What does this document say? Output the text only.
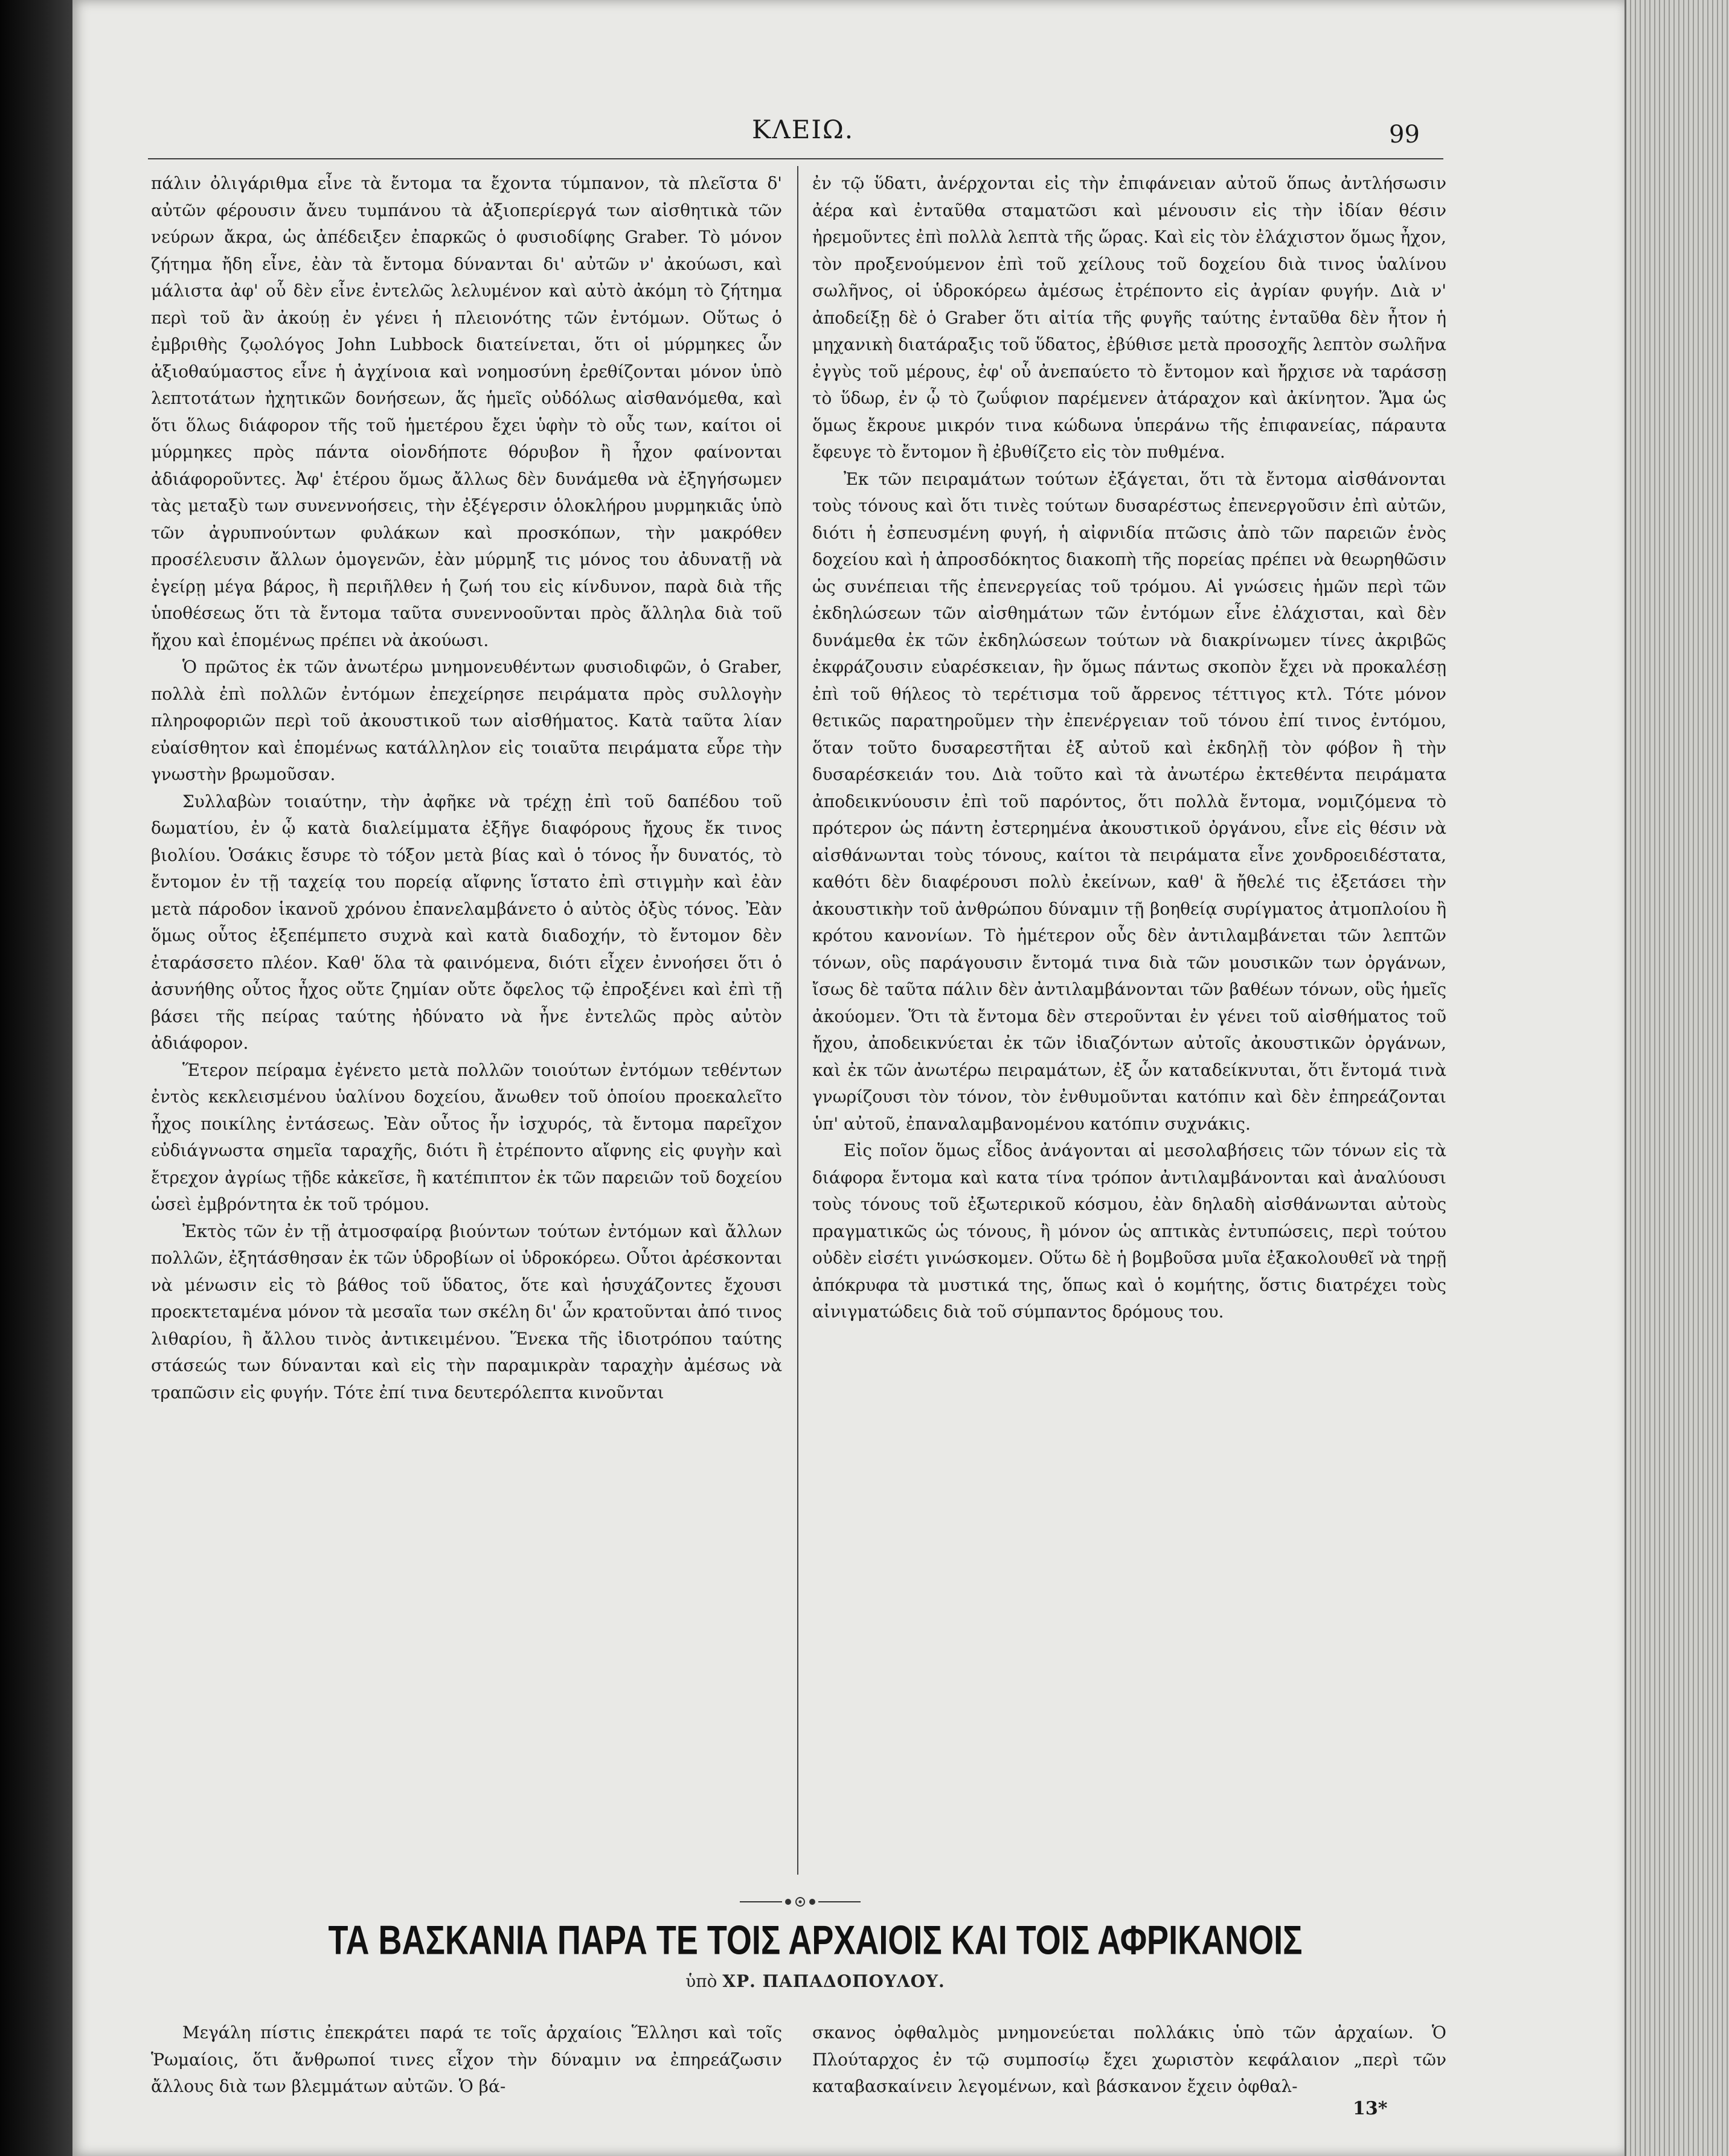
ΚΛΕΙΩ.	99

πάλιν ὀλιγάριθμα εἶνε τὰ ἔντομα τα ἔχοντα τύμπανον, τὰ πλεῖστα δ' αὐτῶν φέρουσιν ἄνευ τυμπάνου τὰ ἀξιοπερίεργά των αἰσθητικὰ τῶν νεύρων ἄκρα, ὡς ἀπέδειξεν ἐπαρκῶς ὁ φυσιοδίφης Graber. Τὸ μόνον ζήτημα ἤδη εἶνε, ἐὰν τὰ ἔντομα δύνανται δι' αὐτῶν ν' ἀκούωσι, καὶ μάλιστα ἀφ' οὗ δὲν εἶνε ἐντελῶς λελυμένον καὶ αὐτὸ ἀκόμη τὸ ζήτημα περὶ τοῦ ἂν ἀκούῃ ἐν γένει ἡ πλειονότης τῶν ἐντόμων. Οὕτως ὁ ἐμβριθὴς ζῳολόγος John Lubbock διατείνεται, ὅτι οἱ μύρμηκες ὧν ἀξιοθαύμαστος εἶνε ἡ ἀγχίνοια καὶ νοημοσύνη ἐρεθίζονται μόνον ὑπὸ λεπτοτάτων ἠχητικῶν δονήσεων, ἅς ἡμεῖς οὐδόλως αἰσθανόμεθα, καὶ ὅτι ὅλως διάφορον τῆς τοῦ ἡμετέρου ἔχει ὑφὴν τὸ οὖς των, καίτοι οἱ μύρμηκες πρὸς πάντα οἱονδήποτε θόρυβον ἢ ἦχον φαίνονται ἀδιάφοροῦντες. Ἀφ' ἑτέρου ὅμως ἄλλως δὲν δυνάμεθα νὰ ἐξηγήσωμεν τὰς μεταξὺ των συνεννοήσεις, τὴν ἐξέγερσιν ὁλοκλήρου μυρμηκιᾶς ὑπὸ τῶν ἀγρυπνούντων φυλάκων καὶ προσκόπων, τὴν μακρόθεν προσέλευσιν ἄλλων ὁμογενῶν, ἐὰν μύρμηξ τις μόνος του ἀδυνατῇ νὰ ἐγείρῃ μέγα βάρος, ἢ περιῆλθεν ἡ ζωή του εἰς κίνδυνον, παρὰ διὰ τῆς ὑποθέσεως ὅτι τὰ ἔντομα ταῦτα συνεννοοῦνται πρὸς ἄλληλα διὰ τοῦ ἤχου καὶ ἑπομένως πρέπει νὰ ἀκούωσι.

Ὁ πρῶτος ἐκ τῶν ἀνωτέρω μνημονευθέντων φυσιοδιφῶν, ὁ Graber, πολλὰ ἐπὶ πολλῶν ἐντόμων ἐπεχείρησε πειράματα πρὸς συλλογὴν πληροφοριῶν περὶ τοῦ ἀκουστικοῦ των αἰσθήματος. Κατὰ ταῦτα λίαν εὐαίσθητον καὶ ἑπομένως κατάλληλον εἰς τοιαῦτα πειράματα εὗρε τὴν γνωστὴν βρωμοῦσαν.

Συλλαβὼν τοιαύτην, τὴν ἀφῆκε νὰ τρέχῃ ἐπὶ τοῦ δαπέδου τοῦ δωματίου, ἐν ᾧ κατὰ διαλείμματα ἐξῆγε διαφόρους ἤχους ἔκ τινος βιολίου. Ὁσάκις ἔσυρε τὸ τόξον μετὰ βίας καὶ ὁ τόνος ἦν δυνατός, τὸ ἔντομον ἐν τῇ ταχείᾳ του πορείᾳ αἴφνης ἵστατο ἐπὶ στιγμὴν καὶ ἐὰν μετὰ πάροδον ἱκανοῦ χρόνου ἐπανελαμβάνετο ὁ αὐτὸς ὀξὺς τόνος. Ἐὰν ὅμως οὗτος ἐξεπέμπετο συχνὰ καὶ κατὰ διαδοχήν, τὸ ἔντομον δὲν ἐταράσσετο πλέον. Καθ' ὅλα τὰ φαινόμενα, διότι εἶχεν ἐννοήσει ὅτι ὁ ἀσυνήθης οὗτος ἦχος οὔτε ζημίαν οὔτε ὄφελος τῷ ἐπροξένει καὶ ἐπὶ τῇ βάσει τῆς πείρας ταύτης ἠδύνατο νὰ ἦνε ἐντελῶς πρὸς αὐτὸν ἀδιάφορον.

Ἕτερον πείραμα ἐγένετο μετὰ πολλῶν τοιούτων ἐντόμων τεθέντων ἐντὸς κεκλεισμένου ὑαλίνου δοχείου, ἄνωθεν τοῦ ὁποίου προεκαλεῖτο ἦχος ποικίλης ἐντάσεως. Ἐὰν οὗτος ἦν ἰσχυρός, τὰ ἔντομα παρεῖχον εὐδιάγνωστα σημεῖα ταραχῆς, διότι ἢ ἐτρέποντο αἴφνης εἰς φυγὴν καὶ ἔτρεχον ἀγρίως τῇδε κἀκεῖσε, ἢ κατέπιπτον ἐκ τῶν παρειῶν τοῦ δοχείου ὡσεὶ ἐμβρόντητα ἐκ τοῦ τρόμου.

Ἐκτὸς τῶν ἐν τῇ ἀτμοσφαίρᾳ βιούντων τούτων ἐντόμων καὶ ἄλλων πολλῶν, ἐξητάσθησαν ἐκ τῶν ὑδροβίων οἱ ὑδροκόρεω. Οὗτοι ἀρέσκονται νὰ μένωσιν εἰς τὸ βάθος τοῦ ὕδατος, ὅτε καὶ ἡσυχάζοντες ἔχουσι προεκτεταμένα μόνον τὰ μεσαῖα των σκέλη δι' ὧν κρατοῦνται ἀπό τινος λιθαρίου, ἢ ἄλλου τινὸς ἀντικειμένου. Ἕνεκα τῆς ἰδιοτρόπου ταύτης στάσεώς των δύνανται καὶ εἰς τὴν παραμικρὰν ταραχὴν ἀμέσως νὰ τραπῶσιν εἰς φυγήν. Τότε ἐπί τινα δευτερόλεπτα κινοῦνται

ἐν τῷ ὕδατι, ἀνέρχονται εἰς τὴν ἐπιφάνειαν αὐτοῦ ὅπως ἀντλήσωσιν ἀέρα καὶ ἐνταῦθα σταματῶσι καὶ μένουσιν εἰς τὴν ἰδίαν θέσιν ἠρεμοῦντες ἐπὶ πολλὰ λεπτὰ τῆς ὥρας. Καὶ εἰς τὸν ἐλάχιστον ὅμως ἦχον, τὸν προξενούμενον ἐπὶ τοῦ χείλους τοῦ δοχείου διὰ τινος ὑαλίνου σωλῆνος, οἱ ὑδροκόρεω ἀμέσως ἐτρέποντο εἰς ἀγρίαν φυγήν. Διὰ ν' ἀποδείξῃ δὲ ὁ Graber ὅτι αἰτία τῆς φυγῆς ταύτης ἐνταῦθα δὲν ἦτον ἡ μηχανικὴ διατάραξις τοῦ ὕδατος, ἐβύθισε μετὰ προσοχῆς λεπτὸν σωλῆνα ἐγγὺς τοῦ μέρους, ἐφ' οὗ ἀνεπαύετο τὸ ἔντομον καὶ ἤρχισε νὰ ταράσσῃ τὸ ὕδωρ, ἐν ᾧ τὸ ζωΰφιον παρέμενεν ἀτάραχον καὶ ἀκίνητον. Ἅμα ὡς ὅμως ἔκρουε μικρόν τινα κώδωνα ὑπεράνω τῆς ἐπιφανείας, πάραυτα ἔφευγε τὸ ἔντομον ἢ ἐβυθίζετο εἰς τὸν πυθμένα.

Ἐκ τῶν πειραμάτων τούτων ἐξάγεται, ὅτι τὰ ἔντομα αἰσθάνονται τοὺς τόνους καὶ ὅτι τινὲς τούτων δυσαρέστως ἐπενεργοῦσιν ἐπὶ αὐτῶν, διότι ἡ ἐσπευσμένη φυγή, ἡ αἰφνιδία πτῶσις ἀπὸ τῶν παρειῶν ἑνὸς δοχείου καὶ ἡ ἀπροσδόκητος διακοπὴ τῆς πορείας πρέπει νὰ θεωρηθῶσιν ὡς συνέπειαι τῆς ἐπενεργείας τοῦ τρόμου. Αἱ γνώσεις ἡμῶν περὶ τῶν ἐκδηλώσεων τῶν αἰσθημάτων τῶν ἐντόμων εἶνε ἐλάχισται, καὶ δὲν δυνάμεθα ἐκ τῶν ἐκδηλώσεων τούτων νὰ διακρίνωμεν τίνες ἀκριβῶς ἐκφράζουσιν εὐαρέσκειαν, ἣν ὅμως πάντως σκοπὸν ἔχει νὰ προκαλέσῃ ἐπὶ τοῦ θήλεος τὸ τερέτισμα τοῦ ἄρρενος τέττιγος κτλ. Τότε μόνον θετικῶς παρατηροῦμεν τὴν ἐπενέργειαν τοῦ τόνου ἐπί τινος ἐντόμου, ὅταν τοῦτο δυσαρεστῆται ἐξ αὐτοῦ καὶ ἐκδηλῇ τὸν φόβον ἢ τὴν δυσαρέσκειάν του. Διὰ τοῦτο καὶ τὰ ἀνωτέρω ἐκτεθέντα πειράματα ἀποδεικνύουσιν ἐπὶ τοῦ παρόντος, ὅτι πολλὰ ἔντομα, νομιζόμενα τὸ πρότερον ὡς πάντη ἐστερημένα ἀκουστικοῦ ὀργάνου, εἶνε εἰς θέσιν νὰ αἰσθάνωνται τοὺς τόνους, καίτοι τὰ πειράματα εἶνε χονδροειδέστατα, καθότι δὲν διαφέρουσι πολὺ ἐκείνων, καθ' ἃ ἤθελέ τις ἐξετάσει τὴν ἀκουστικὴν τοῦ ἀνθρώπου δύναμιν τῇ βοηθείᾳ συρίγματος ἀτμοπλοίου ἢ κρότου κανονίων. Τὸ ἡμέτερον οὖς δὲν ἀντιλαμβάνεται τῶν λεπτῶν τόνων, οὓς παράγουσιν ἔντομά τινα διὰ τῶν μουσικῶν των ὀργάνων, ἴσως δὲ ταῦτα πάλιν δὲν ἀντιλαμβάνονται τῶν βαθέων τόνων, οὓς ἡμεῖς ἀκούομεν. Ὅτι τὰ ἔντομα δὲν στεροῦνται ἐν γένει τοῦ αἰσθήματος τοῦ ἤχου, ἀποδεικνύεται ἐκ τῶν ἰδιαζόντων αὐτοῖς ἀκουστικῶν ὀργάνων, καὶ ἐκ τῶν ἀνωτέρω πειραμάτων, ἐξ ὧν καταδείκνυται, ὅτι ἔντομά τινὰ γνωρίζουσι τὸν τόνον, τὸν ἐνθυμοῦνται κατόπιν καὶ δὲν ἐπηρεάζονται ὑπ' αὐτοῦ, ἐπαναλαμβανομένου κατόπιν συχνάκις.

Εἰς ποῖον ὅμως εἶδος ἀνάγονται αἱ μεσολαβήσεις τῶν τόνων εἰς τὰ διάφορα ἔντομα καὶ κατα τίνα τρόπον ἀντιλαμβάνονται καὶ ἀναλύουσι τοὺς τόνους τοῦ ἐξωτερικοῦ κόσμου, ἐὰν δηλαδὴ αἰσθάνωνται αὐτοὺς πραγματικῶς ὡς τόνους, ἢ μόνον ὡς απτικὰς ἐντυπώσεις, περὶ τούτου οὐδὲν εἰσέτι γινώσκομεν. Οὕτω δὲ ἡ βομβοῦσα μυῖα ἐξακολουθεῖ νὰ τηρῇ ἀπόκρυφα τὰ μυστικά της, ὅπως καὶ ὁ κομήτης, ὅστις διατρέχει τοὺς αἰνιγματώδεις διὰ τοῦ σύμπαντος δρόμους του.

ΤΑ ΒΑΣΚΑΝΙΑ ΠΑΡΑ ΤΕ ΤΟΙΣ ΑΡΧΑΙΟΙΣ ΚΑΙ ΤΟΙΣ ΑΦΡΙΚΑΝΟΙΣ
ὑπὸ ΧΡ. ΠΑΠΑΔΟΠΟΥΛΟΥ.

Μεγάλη πίστις ἐπεκράτει παρά τε τοῖς ἀρχαίοις Ἕλλησι καὶ τοῖς Ῥωμαίοις, ὅτι ἄνθρωποί τινες εἶχον τὴν δύναμιν να ἐπηρεάζωσιν ἄλλους διὰ των βλεμμάτων αὐτῶν. Ὁ βά-

σκανος ὀφθαλμὸς μνημονεύεται πολλάκις ὑπὸ τῶν ἀρχαίων. Ὁ Πλούταρχος ἐν τῷ συμποσίῳ ἔχει χωριστὸν κεφάλαιον „περὶ τῶν καταβασκαίνειν λεγομένων, καὶ βάσκανον ἔχειν ὀφθαλ-

13*
